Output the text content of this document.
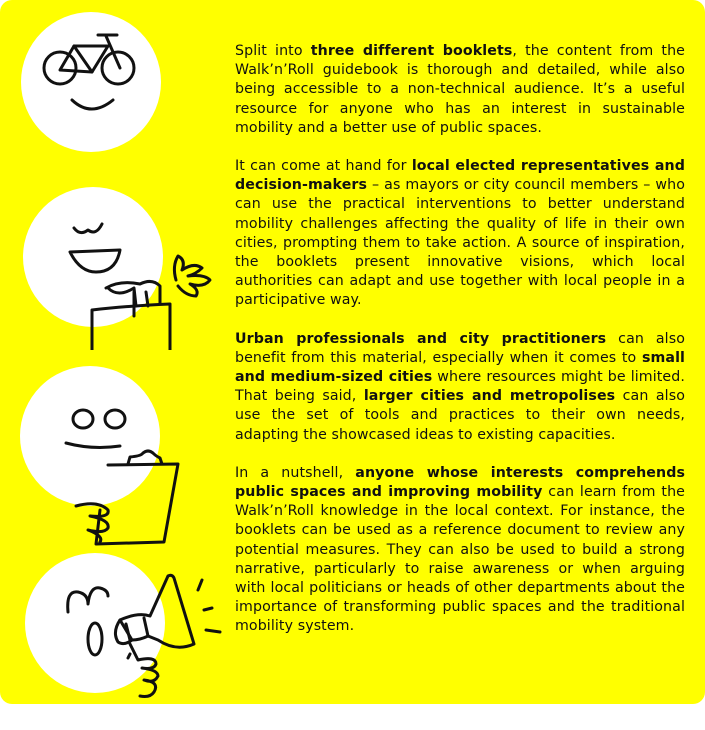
Split into three different booklets, the content from the Walk’n’Roll guidebook is thorough and detailed, while also being accessible to a non-technical audience. It’s a useful resource for anyone who has an interest in sustainable mobility and a better use of public spaces.

It can come at hand for local elected representatives and decision-makers – as mayors or city council members – who can use the practical interventions to better understand mobility challenges affecting the quality of life in their own cities, prompting them to take action. A source of inspiration, the booklets present innovative visions, which local authorities can adapt and use together with local people in a participative way.

Urban professionals and city practitioners can also benefit from this material, especially when it comes to small and medium-sized cities where resources might be limited. That being said, larger cities and metropolises can also use the set of tools and practices to their own needs, adapting the showcased ideas to existing capacities.

In a nutshell, anyone whose interests comprehends public spaces and improving mobility can learn from the Walk’n’Roll knowledge in the local context. For instance, the booklets can be used as a reference document to review any potential measures. They can also be used to build a strong narrative, particularly to raise awareness or when arguing with local politicians or heads of other departments about the importance of transforming public spaces and the traditional mobility system.
